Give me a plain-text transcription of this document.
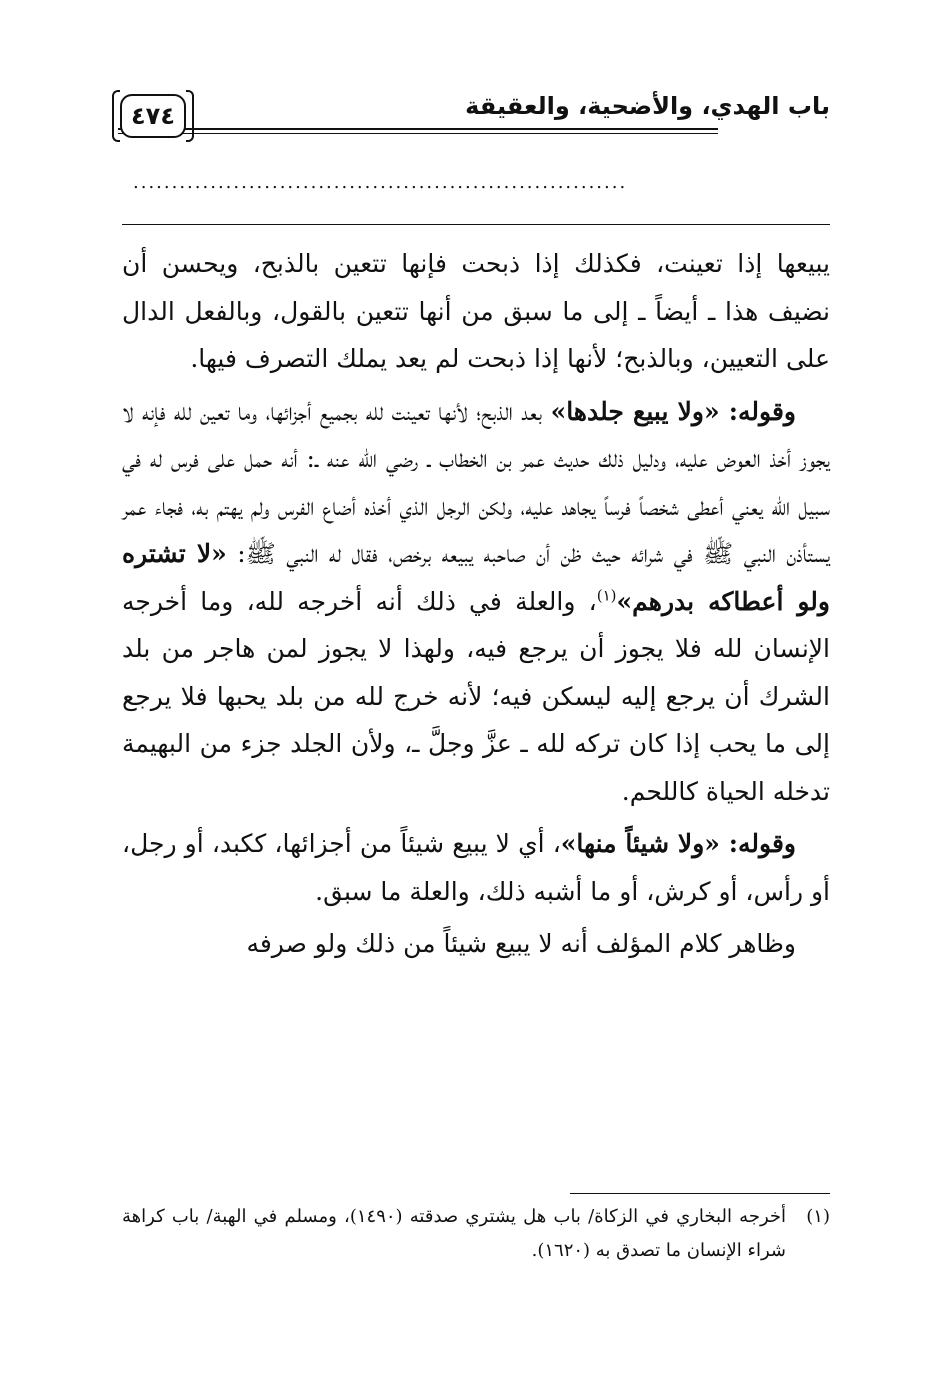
٤٧٤	باب الهدي، والأضحية، والعقيقة
................................................................

يبيعها إذا تعينت، فكذلك إذا ذبحت فإنها تتعين بالذبح، ويحسن أن نضيف هذا ـ أيضاً ـ إلى ما سبق من أنها تتعين بالقول، وبالفعل الدال على التعيين، وبالذبح؛ لأنها إذا ذبحت لم يعد يملك التصرف فيها.

وقوله: «ولا يبيع جلدها» بعد الذبح؛ لأنها تعينت لله بجميع أجزائها، وما تعين لله فإنه لا يجوز أخذ العوض عليه، ودليل ذلك حديث عمر بن الخطاب ـ رضي الله عنه ـ: أنه حمل على فرس له في سبيل الله يعني أعطى شخصاً فرساً يجاهد عليه، ولكن الرجل الذي أخذه أضاع الفرس ولم يهتم به، فجاء عمر يستأذن النبي ﷺ في شرائه حيث ظن أن صاحبه يبيعه برخص، فقال له النبي ﷺ: «لا تشتره ولو أعطاكه بدرهم»$^{(١)}$، والعلة في ذلك أنه أخرجه لله، وما أخرجه الإنسان لله فلا يجوز أن يرجع فيه، ولهذا لا يجوز لمن هاجر من بلد الشرك أن يرجع إليه ليسكن فيه؛ لأنه خرج لله من بلد يحبها فلا يرجع إلى ما يحب إذا كان تركه لله ـ عزَّ وجلَّ ـ، ولأن الجلد جزء من البهيمة تدخله الحياة كاللحم.

وقوله: «ولا شيئاً منها»، أي لا يبيع شيئاً من أجزائها، ككبد، أو رجل، أو رأس، أو كرش، أو ما أشبه ذلك، والعلة ما سبق.

وظاهر كلام المؤلف أنه لا يبيع شيئاً من ذلك ولو صرفه

(١)
أخرجه البخاري في الزكاة/ باب هل يشتري صدقته (١٤٩٠)، ومسلم في الهبة/ باب كراهة شراء الإنسان ما تصدق به (١٦٢٠).
